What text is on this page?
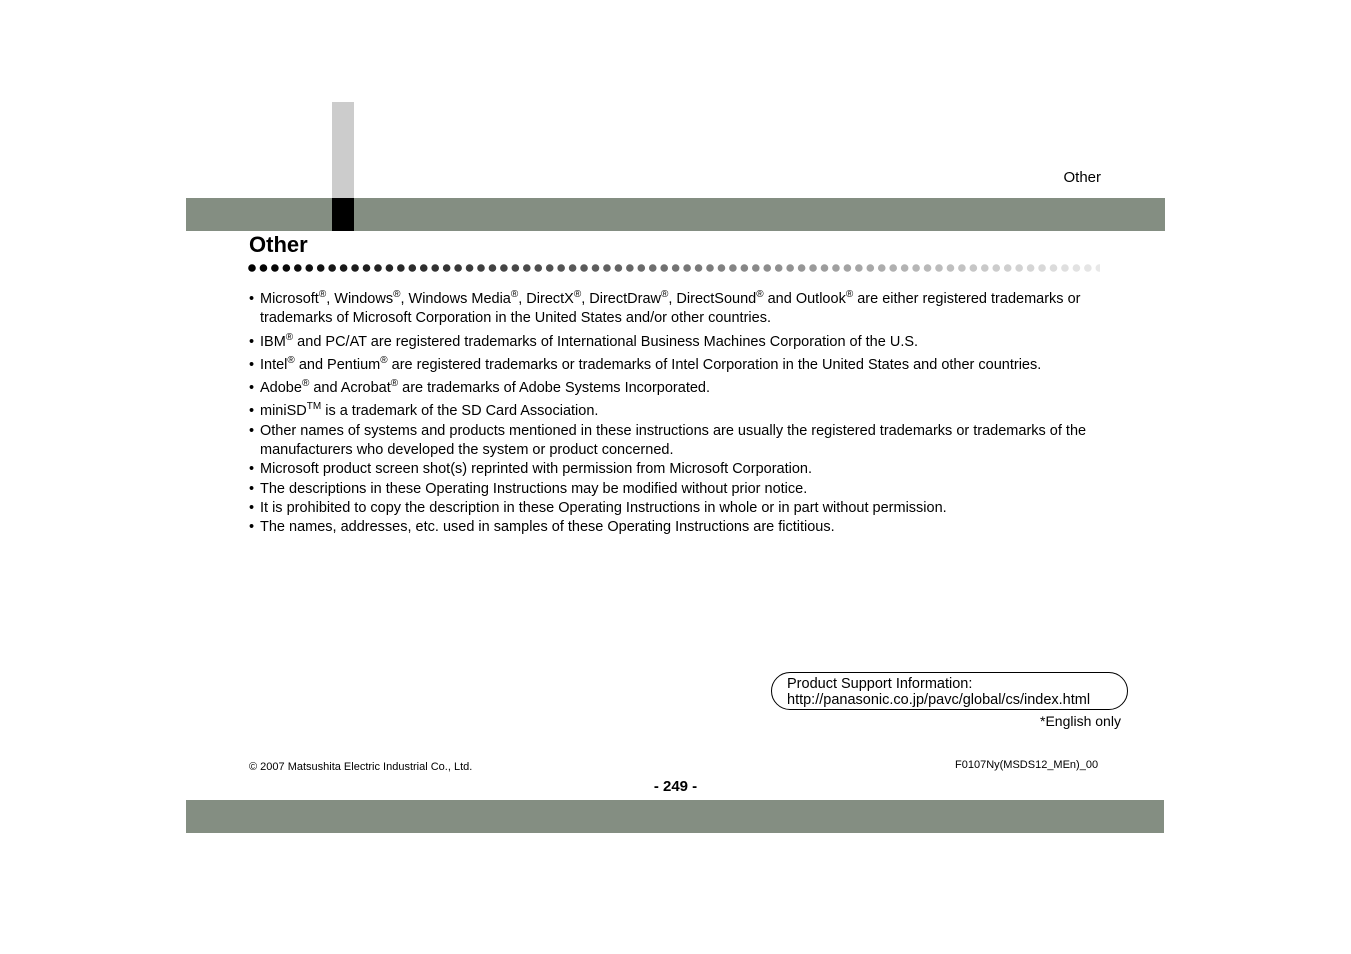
Other
Other
• Microsoft®, Windows®, Windows Media®, DirectX®, DirectDraw®, DirectSound® and Outlook® are either registered trademarks or trademarks of Microsoft Corporation in the United States and/or other countries.
• IBM® and PC/AT are registered trademarks of International Business Machines Corporation of the U.S.
• Intel® and Pentium® are registered trademarks or trademarks of Intel Corporation in the United States and other countries.
• Adobe® and Acrobat® are trademarks of Adobe Systems Incorporated.
• miniSD™ is a trademark of the SD Card Association.
• Other names of systems and products mentioned in these instructions are usually the registered trademarks or trademarks of the manufacturers who developed the system or product concerned.
• Microsoft product screen shot(s) reprinted with permission from Microsoft Corporation.
• The descriptions in these Operating Instructions may be modified without prior notice.
• It is prohibited to copy the description in these Operating Instructions in whole or in part without permission.
• The names, addresses, etc. used in samples of these Operating Instructions are fictitious.
Product Support Information:
http://panasonic.co.jp/pavc/global/cs/index.html
*English only
© 2007 Matsushita Electric Industrial Co., Ltd.	F0107Ny(MSDS12_MEn)_00
- 249 -
